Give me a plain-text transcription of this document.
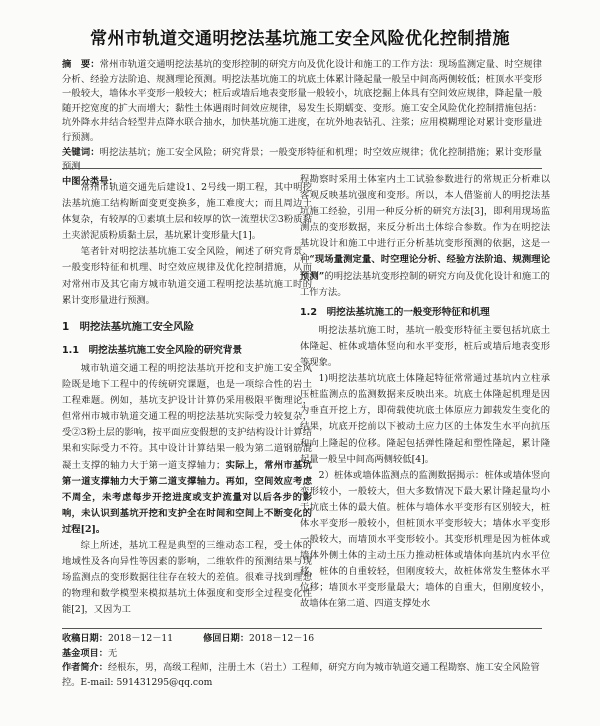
常州市轨道交通明挖法基坑施工安全风险优化控制措施
摘　要：常州市轨道交通明挖法基坑的变形控制的研究方向及优化设计和施工的工作方法：现场监测定量、时空规律分析、经验方法阶追、规测理论预测。明挖法基坑施工的坑底土体累计隆起量一般呈中间高两侧较低；桩顶水平变形一般较大，墙体水平变形一般较大；桩后或墙后地表变形量一般较小，坑底挖掘上体具有空间效应规律，降起量一般随开挖宽度的扩大而增大；黏性土体遇雨时间效应规律，易发生长期蠕变、变形。施工安全风险优化控制措施包括：坑外降水井结合轻型井点降水联合抽水，加快基坑施工进度，在坑外地表钻孔、注浆；应用模糊理论对累计变形量进行预测。
关键词：明挖法基坑；施工安全风险；研究背景；一般变形特征和机理；时空效应规律；优化控制措施；累计变形量预测
中图分类号：

常州市轨道交通先后建设1、2号线一期工程，其中明挖法基坑施工结构断面变更变换多，施工难度大；而且周边土体复杂，有较厚的①素填土层和较厚的饮一流塑状②3粉质黏土夹淤泥质粉质黏土层，基坑累计变形量大[1]。

笔者针对明挖法基坑施工安全风险，阐述了研究背景、一般变形特征和机理、时空效应规律及优化控制措施，从而对常州市及其它南方城市轨道交通工程明挖法基坑施工时的累计变形量进行预测。

1　明挖法基坑施工安全风险
1.1　明挖法基坑施工安全风险的研究背景

城市轨道交通工程的明挖法基坑开挖和支护施工安全风险既是地下工程中的传统研究课题，也是一项综合性的岩土工程难题。例如，基坑支护设计计算仍采用极限平衡理论，但常州市城市轨道交通工程的明挖法基坑实际受力较复杂，受②3粉土层的影响，按平面应变假想的支护结构设计计算结果和实际受力不符。其中设计计算结果一般为第二道钢筋混凝土支撑的轴力大于第一道支撑轴力；实际上，常州市基坑第一道支撑轴力大于第二道支撑轴力。再如，空间效应考虑不周全，未考虑每步开挖进度或支护流量对以后各步的影响，未认识到基坑开挖和支护全在时间和空间上不断变化的过程[2]。

综上所述，基坑工程是典型的三维动态工程，受土体的地域性及各向异性等因素的影响，二维软件的预测结果与现场监测点的变形数据往往存在较大的差值。很难寻找到理想的物理和数学模型来模拟基坑土体强度和变形全过程变化性能[2]，又因为工

程勘察时采用土体室内土工试验参数进行的常规正分析难以客观反映基坑强度和变形。所以，本人借鉴前人的明挖法基坑施工经验，引用一种反分析的研究方法[3]，即利用现场监测点的变形数据，来反分析出土体综合参数。作为在明挖法基坑设计和施工中进行正分析基坑变形预测的依据，这是一种“现场量测定量、时空理论分析、经验方法阶追、规测理论预测”的明挖法基坑变形控制的研究方向及优化设计和施工的工作方法。

1.2　明挖法基坑施工的一般变形特征和机理

明挖法基坑施工时，基坑一般变形特征主要包括坑底土体隆起、桩体或墙体竖向和水平变形，桩后或墙后地表变形等现象。

1)明挖法基坑坑底土体隆起特征常常通过基坑内立柱承压桩监测点的监测数据来反映出来。坑底土体隆起机理是因为垂直开挖上方，即荷载使坑底土体原应力卸载发生变化的结果，坑底开挖前以下被动土应力区的土体发生水平向抗压和向上隆起的位移。隆起包括弹性隆起和塑性隆起，累计隆起量一般呈中间高两侧较低[4]。

2）桩体或墙体监测点的监测数据揭示：桩体或墙体竖向变形较小，一般较大，但大多数情况下最大累计隆起量均小于坑底土体的最大值。桩体与墙体水平变形有区别较大，桩体水平变形一般较小，但桩顶水平变形较大；墙体水平变形一般较大，而墙顶水平变形较小。其变形机理是因为桩体或墙体外侧土体的主动土压力推动桩体或墙体向基坑内水平位移，桩体的自重较轻，但刚度较大，故桩体常发生整体水平位移；墙顶水平变形量最大；墙体的自重大，但刚度较小，故墙体在第二道、四道支撑处水

收稿日期：2018－12－11	修回日期：2018－12－16
基金项目：无
作者简介：经根东，男，高级工程师，注册土木（岩土）工程师，研究方向为城市轨道交通工程勘察、施工安全风险管控。E-mail: 591431295@qq.com
